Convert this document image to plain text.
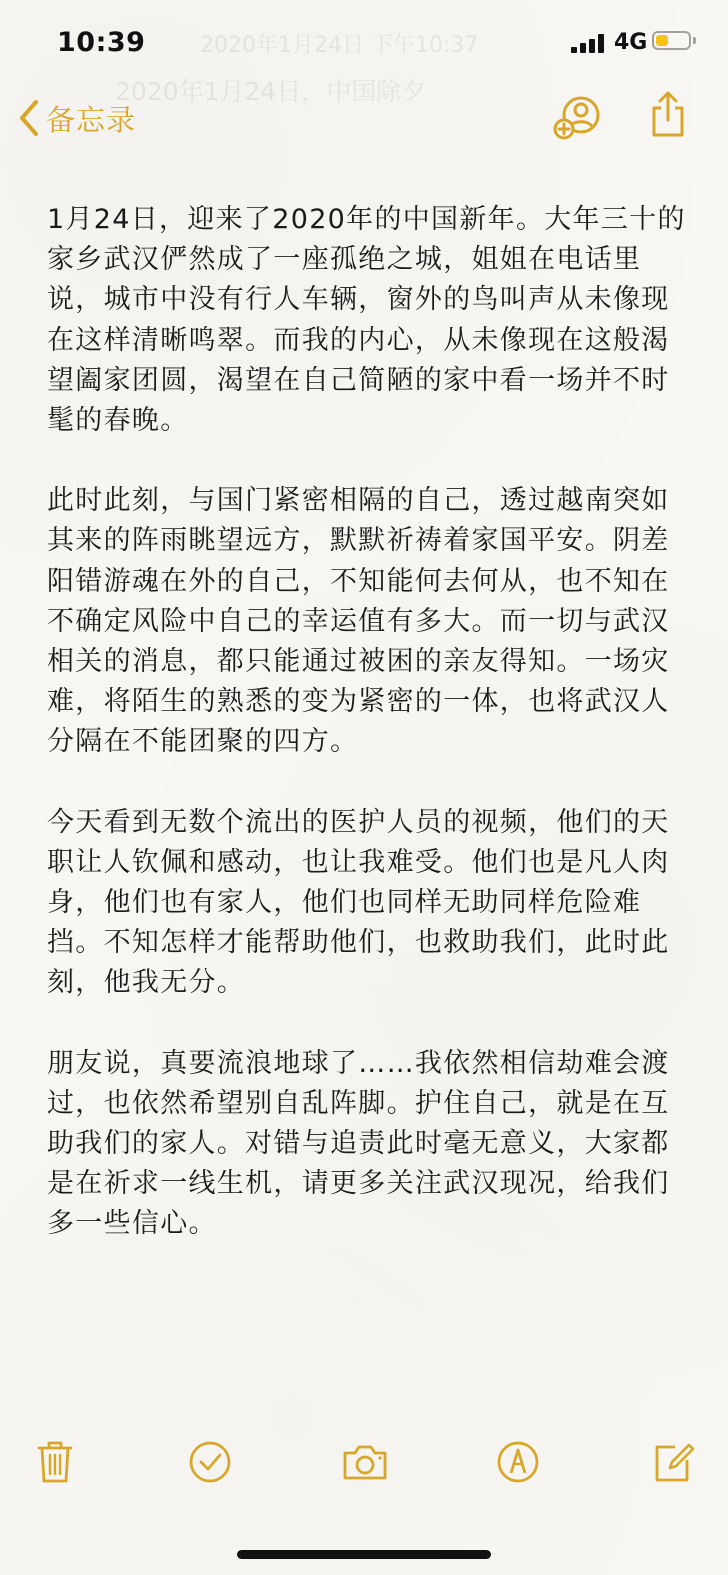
2020年1月24日 下午10:37
2020年1月24日，中国除夕
10:39	4G
备忘录

1月24日，迎来了2020年的中国新年。大年三十的家乡武汉俨然成了一座孤绝之城，姐姐在电话里说，城市中没有行人车辆，窗外的鸟叫声从未像现在这样清晰鸣翠。而我的内心，从未像现在这般渴望阖家团圆，渴望在自己简陋的家中看一场并不时髦的春晚。

此时此刻，与国门紧密相隔的自己，透过越南突如其来的阵雨眺望远方，默默祈祷着家国平安。阴差阳错游魂在外的自己，不知能何去何从，也不知在不确定风险中自己的幸运值有多大。而一切与武汉相关的消息，都只能通过被困的亲友得知。一场灾难，将陌生的熟悉的变为紧密的一体，也将武汉人分隔在不能团聚的四方。

今天看到无数个流出的医护人员的视频，他们的天职让人钦佩和感动，也让我难受。他们也是凡人肉身，他们也有家人，他们也同样无助同样危险难挡。不知怎样才能帮助他们，也救助我们，此时此刻，他我无分。

朋友说，真要流浪地球了……我依然相信劫难会渡过，也依然希望别自乱阵脚。护住自己，就是在互助我们的家人。对错与追责此时毫无意义，大家都是在祈求一线生机，请更多关注武汉现况，给我们多一些信心。
